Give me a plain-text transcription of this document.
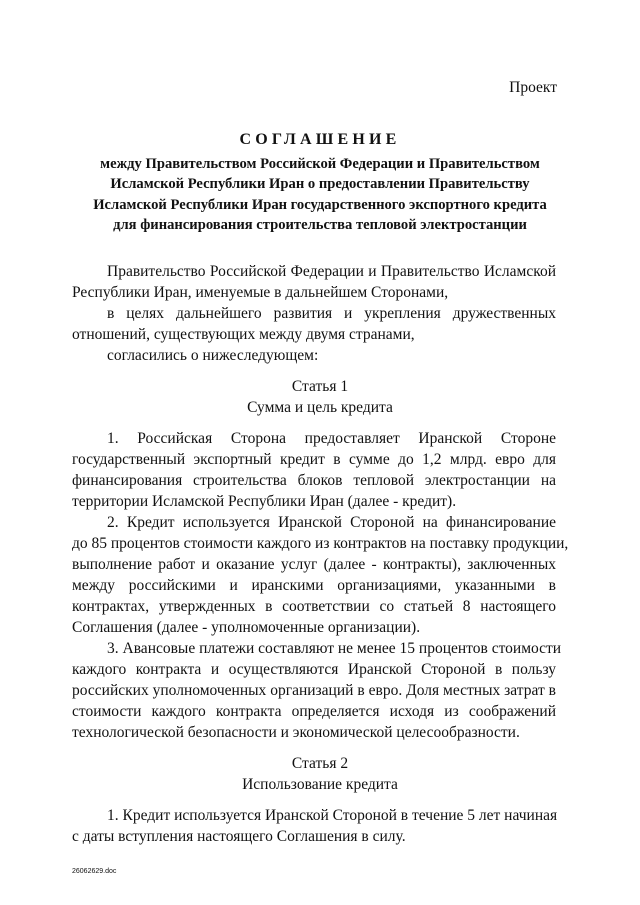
Проект
СОГЛАШЕНИЕ
между Правительством Российской Федерации и Правительством
Исламской Республики Иран о предоставлении Правительству
Исламской Республики Иран государственного экспортного кредита
для финансирования строительства тепловой электростанции
Правительство Российской Федерации и Правительство Исламской
Республики Иран, именуемые в дальнейшем Сторонами,
в целях дальнейшего развития и укрепления дружественных
отношений, существующих между двумя странами,
согласились о нижеследующем:
Статья 1
Сумма и цель кредита
1. Российская Сторона предоставляет Иранской Стороне
государственный экспортный кредит в сумме до 1,2 млрд. евро для
финансирования строительства блоков тепловой электростанции на
территории Исламской Республики Иран (далее - кредит).
2. Кредит используется Иранской Стороной на финансирование
до 85 процентов стоимости каждого из контрактов на поставку продукции,
выполнение работ и оказание услуг (далее - контракты), заключенных
между российскими и иранскими организациями, указанными в
контрактах, утвержденных в соответствии со статьей 8 настоящего
Соглашения (далее - уполномоченные организации).
3. Авансовые платежи составляют не менее 15 процентов стоимости
каждого контракта и осуществляются Иранской Стороной в пользу
российских уполномоченных организаций в евро. Доля местных затрат в
стоимости каждого контракта определяется исходя из соображений
технологической безопасности и экономической целесообразности.
Статья 2
Использование кредита
1. Кредит используется Иранской Стороной в течение 5 лет начиная
с даты вступления настоящего Соглашения в силу.
26062629.doc
